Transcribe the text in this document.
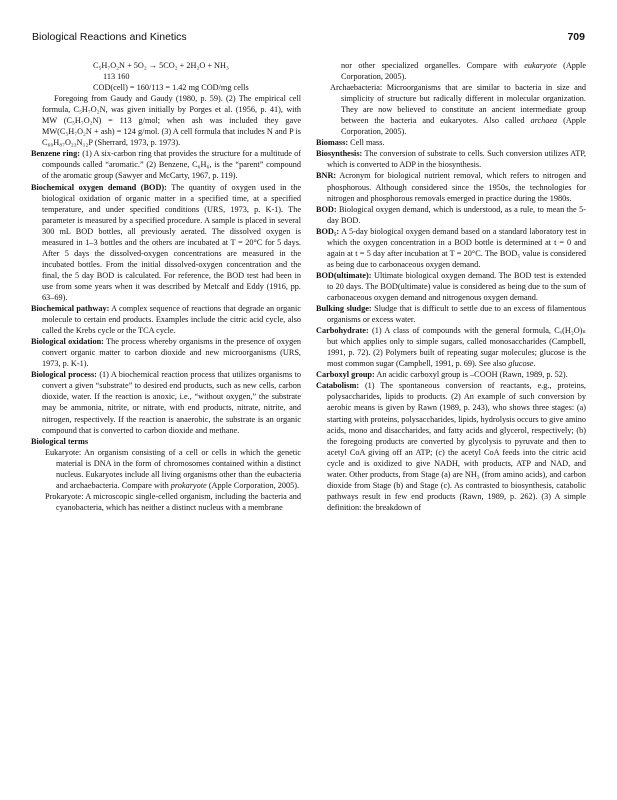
Biological Reactions and Kinetics	709

C₅H₇O₂N + 5O₂ → 5CO₂ + 2H₂O + NH₃

113 160

COD(cell) = 160/113 = 1.42 mg COD/mg cells

Foregoing from Gaudy and Gaudy (1980, p. 59). (2) The empirical cell formula, C₅H₇O₂N, was given initially by Porges et al. (1956, p. 41), with MW (C₅H₇O₂N) = 113 g/mol; when ash was included they gave MW(C₅H₇O₂N + ash) = 124 g/mol. (3) A cell formula that includes N and P is C₆₀H₈₇O₂₃N₁₂P (Sherrard, 1973, p. 1973).

Benzene ring: (1) A six-carbon ring that provides the structure for a multitude of compounds called “aromatic.” (2) Benzene, C₆H₆, is the “parent” compound of the aromatic group (Sawyer and McCarty, 1967, p. 119).

Biochemical oxygen demand (BOD): The quantity of oxygen used in the biological oxidation of organic matter in a specified time, at a specified temperature, and under specified conditions (URS, 1973, p. K-1). The parameter is measured by a specified procedure. A sample is placed in several 300 mL BOD bottles, all previously aerated. The dissolved oxygen is measured in 1–3 bottles and the others are incubated at T = 20°C for 5 days. After 5 days the dissolved-oxygen concentrations are measured in the incubated bottles. From the initial dissolved-oxygen concentration and the final, the 5 day BOD is calculated. For reference, the BOD test had been in use from some years when it was described by Metcalf and Eddy (1916, pp. 63–69).

Biochemical pathway: A complex sequence of reactions that degrade an organic molecule to certain end products. Examples include the citric acid cycle, also called the Krebs cycle or the TCA cycle.

Biological oxidation: The process whereby organisms in the presence of oxygen convert organic matter to carbon dioxide and new microorganisms (URS, 1973, p. K-1).

Biological process: (1) A biochemical reaction process that utilizes organisms to convert a given “substrate” to desired end products, such as new cells, carbon dioxide, water. If the reaction is anoxic, i.e., “without oxygen,” the substrate may be ammonia, nitrite, or nitrate, with end products, nitrate, nitrite, and nitrogen, respectively. If the reaction is anaerobic, the substrate is an organic compound that is converted to carbon dioxide and methane.

Biological terms

Eukaryote: An organism consisting of a cell or cells in which the genetic material is DNA in the form of chromosomes contained within a distinct nucleus. Eukaryotes include all living organisms other than the eubacteria and archaebacteria. Compare with prokaryote (Apple Corporation, 2005).

Prokaryote: A microscopic single-celled organism, including the bacteria and cyanobacteria, which has neither a distinct nucleus with a membrane

nor other specialized organelles. Compare with eukaryote (Apple Corporation, 2005).

Archaebacteria: Microorganisms that are similar to bacteria in size and simplicity of structure but radically different in molecular organization. They are now believed to constitute an ancient intermediate group between the bacteria and eukaryotes. Also called archaea (Apple Corporation, 2005).

Biomass: Cell mass.

Biosynthesis: The conversion of substrate to cells. Such conversion utilizes ATP, which is converted to ADP in the biosynthesis.

BNR: Acronym for biological nutrient removal, which refers to nitrogen and phosphorous. Although considered since the 1950s, the technologies for nitrogen and phosphorous removals emerged in practice during the 1980s.

BOD: Biological oxygen demand, which is understood, as a rule, to mean the 5-day BOD.

BOD₅: A 5-day biological oxygen demand based on a standard laboratory test in which the oxygen concentration in a BOD bottle is determined at t = 0 and again at t = 5 day after incubation at T = 20°C. The BOD₅ value is considered as being due to carbonaceous oxygen demand.

BOD(ultimate): Ultimate biological oxygen demand. The BOD test is extended to 20 days. The BOD(ultimate) value is considered as being due to the sum of carbonaceous oxygen demand and nitrogenous oxygen demand.

Bulking sludge: Sludge that is difficult to settle due to an excess of filamentous organisms or excess water.

Carbohydrate: (1) A class of compounds with the general formula, Cₓ(H₂O)ₙ but which applies only to simple sugars, called monosaccharides (Campbell, 1991, p. 72). (2) Polymers built of repeating sugar molecules; glucose is the most common sugar (Campbell, 1991, p. 69). See also glucose.

Carboxyl group: An acidic carboxyl group is –COOH (Rawn, 1989, p. 52).

Catabolism: (1) The spontaneous conversion of reactants, e.g., proteins, polysaccharides, lipids to products. (2) An example of such conversion by aerobic means is given by Rawn (1989, p. 243), who shows three stages: (a) starting with proteins, polysaccharides, lipids, hydrolysis occurs to give amino acids, mono and disaccharides, and fatty acids and glycerol, respectively; (b) the foregoing products are converted by glycolysis to pyruvate and then to acetyl CoA giving off an ATP; (c) the acetyl CoA feeds into the citric acid cycle and is oxidized to give NADH, with products, ATP and NAD, and water. Other products, from Stage (a) are NH₃ (from amino acids), and carbon dioxide from Stage (b) and Stage (c). As contrasted to biosynthesis, catabolic pathways result in few end products (Rawn, 1989, p. 262). (3) A simple definition: the breakdown of
